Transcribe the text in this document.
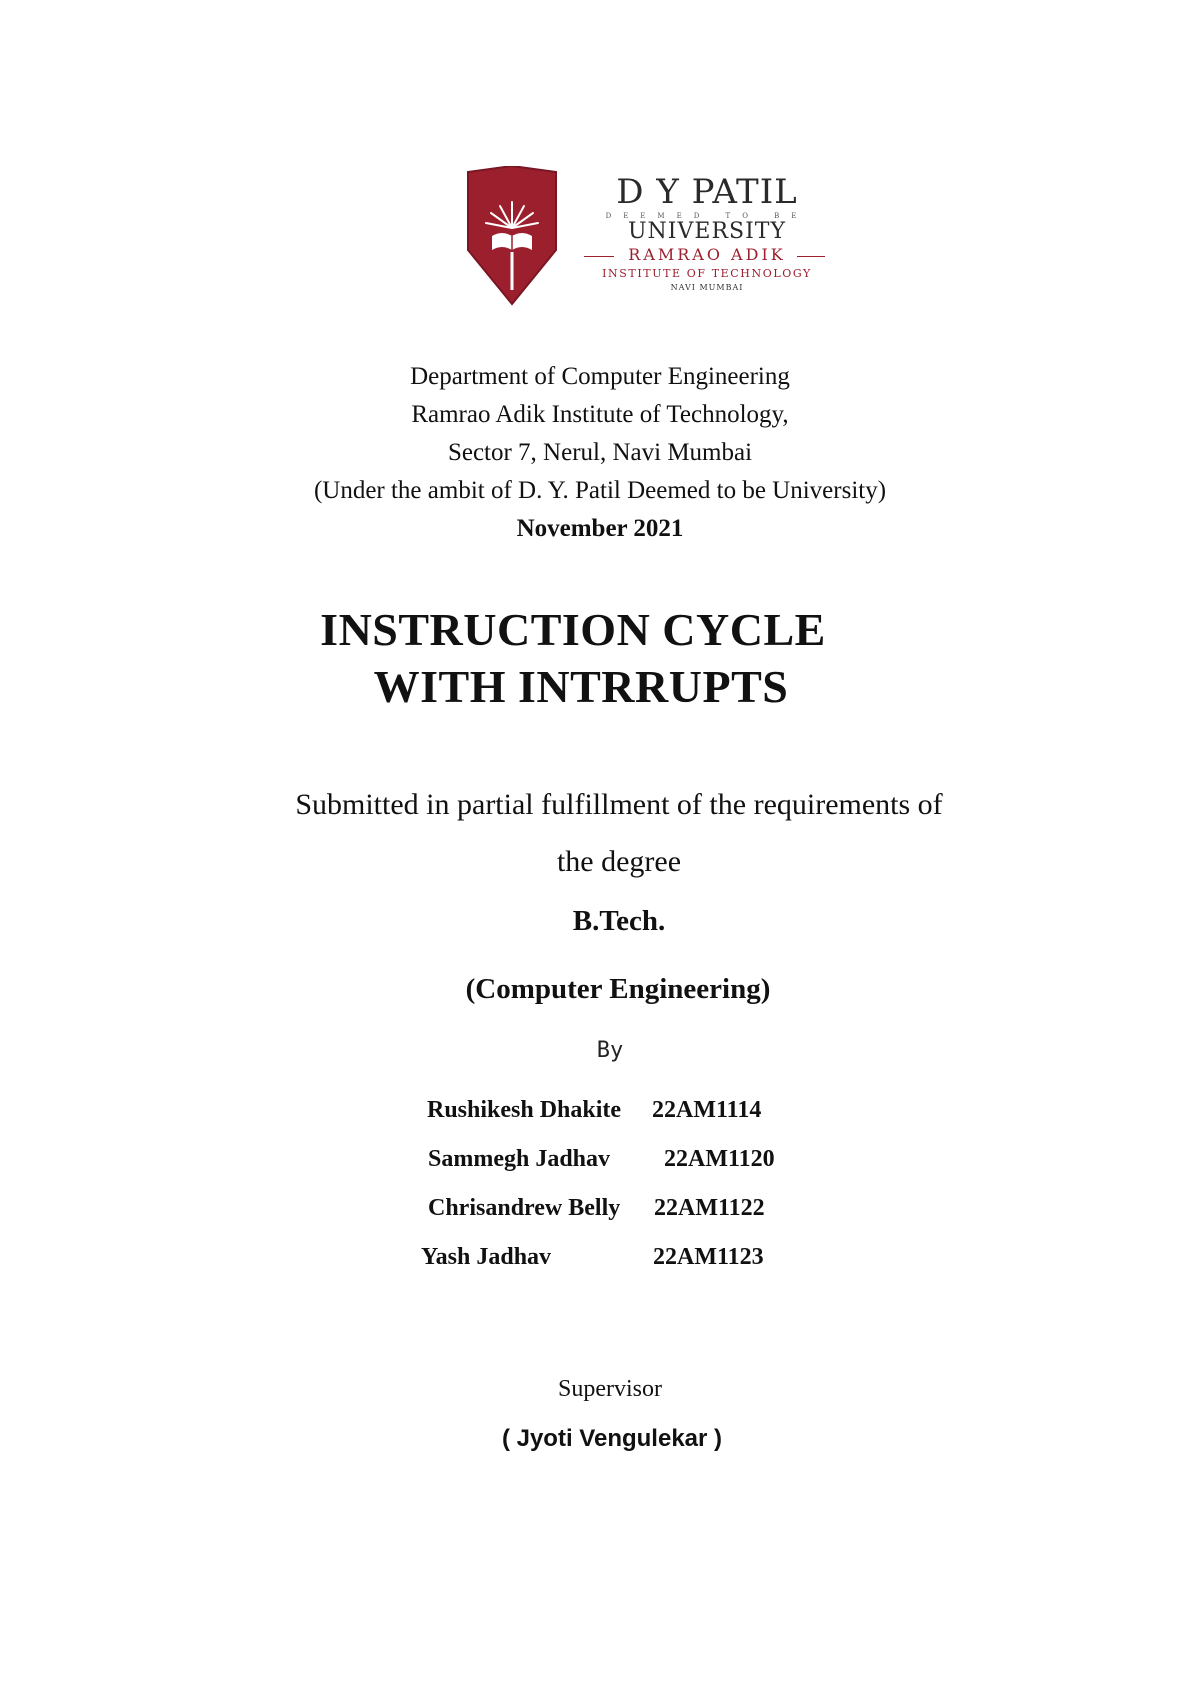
D Y PATIL
DEEMED TO BE
UNIVERSITY
RAMRAO ADIK
INSTITUTE OF TECHNOLOGY
NAVI MUMBAI
Department of Computer Engineering
Ramrao Adik Institute of Technology,
Sector 7, Nerul, Navi Mumbai
(Under the ambit of D. Y. Patil Deemed to be University)
November 2021
INSTRUCTION CYCLE
WITH INTRRUPTS
Submitted in partial fulfillment of the requirements of
the degree
B.Tech.
(Computer Engineering)
By
Rushikesh Dhakite 22AM1114
Sammegh Jadhav 22AM1120
Chrisandrew Belly 22AM1122
Yash Jadhav	22AM1123
Supervisor
( Jyoti Vengulekar )
